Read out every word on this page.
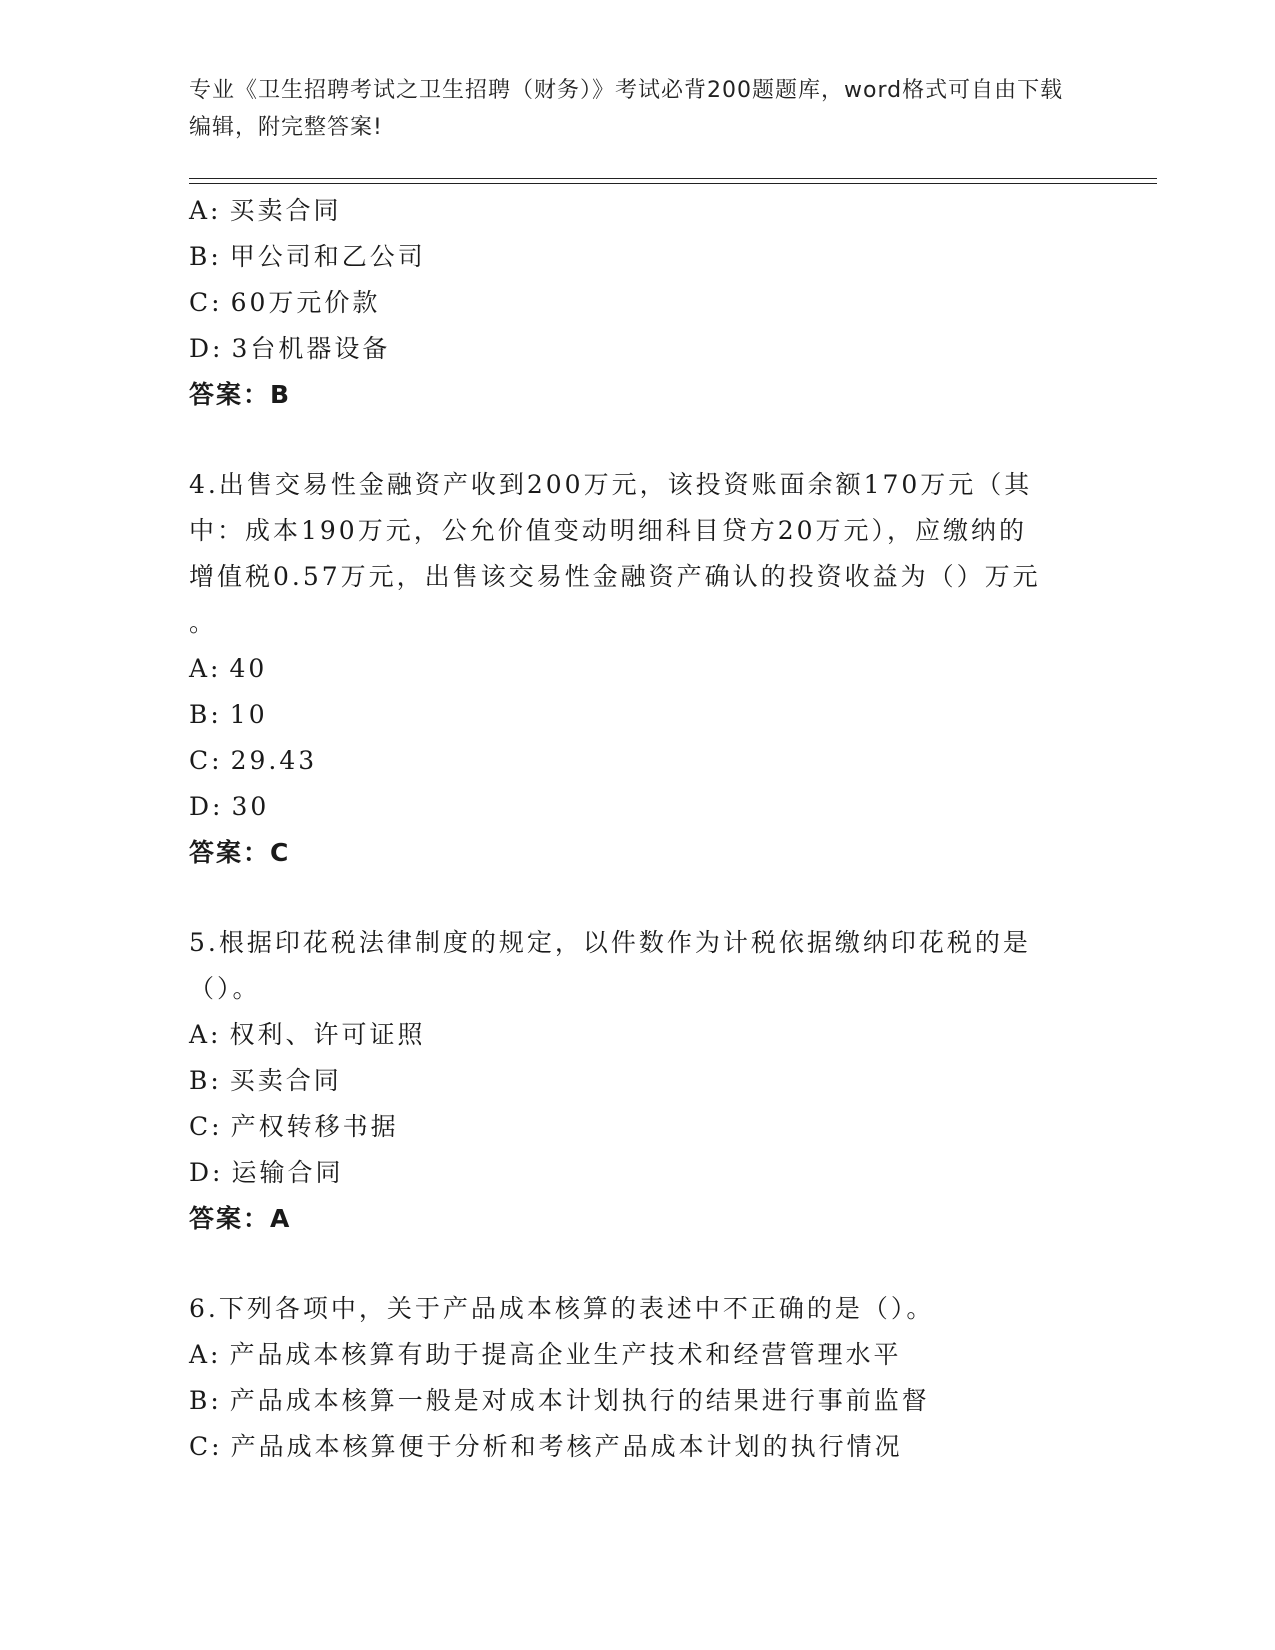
专业《卫生招聘考试之卫生招聘（财务）》考试必背200题题库，word格式可自由下载编辑，附完整答案!
A: 买卖合同
B: 甲公司和乙公司
C: 60万元价款
D: 3台机器设备
答案：B
4.出售交易性金融资产收到200万元，该投资账面余额170万元（其
中：成本190万元，公允价值变动明细科目贷方20万元），应缴纳的
增值税0.57万元，出售该交易性金融资产确认的投资收益为（）万元
。
A: 40
B: 10
C: 29.43
D: 30
答案：C
5.根据印花税法律制度的规定，以件数作为计税依据缴纳印花税的是
（）。
A: 权利、许可证照
B: 买卖合同
C: 产权转移书据
D: 运输合同
答案：A
6.下列各项中，关于产品成本核算的表述中不正确的是（）。
A: 产品成本核算有助于提高企业生产技术和经营管理水平
B: 产品成本核算一般是对成本计划执行的结果进行事前监督
C: 产品成本核算便于分析和考核产品成本计划的执行情况
